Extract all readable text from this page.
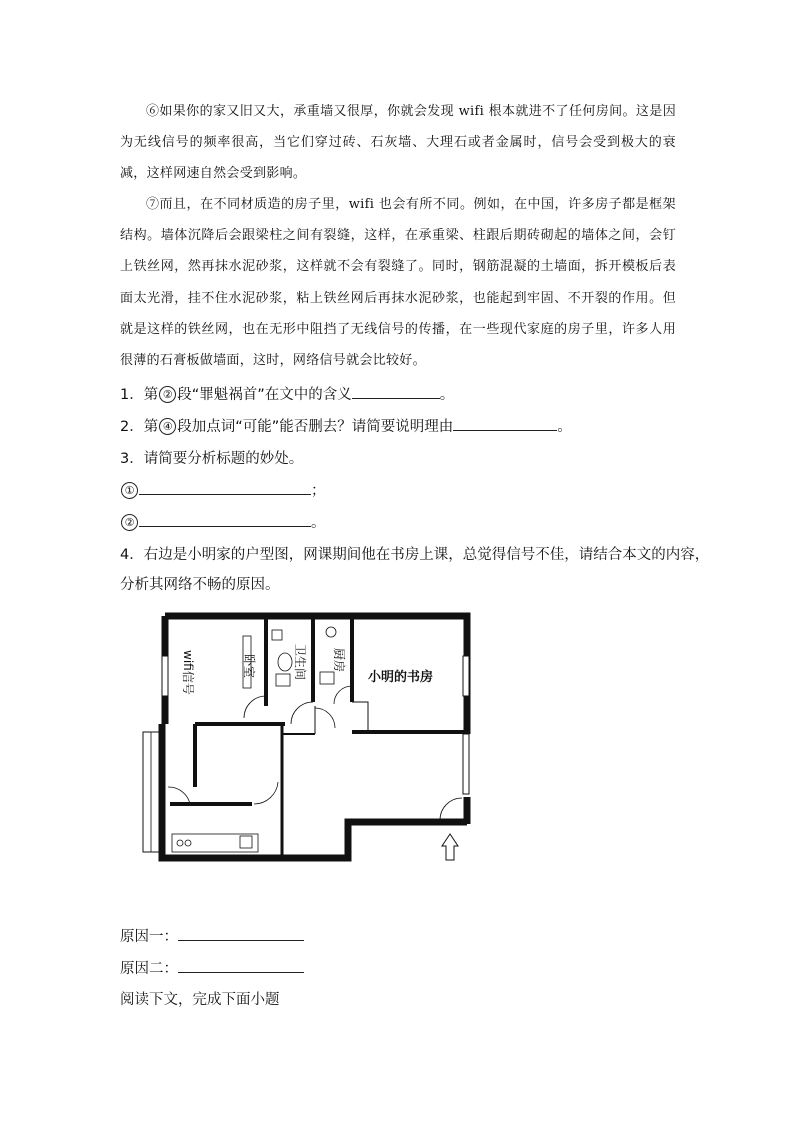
⑥如果你的家又旧又大，承重墙又很厚，你就会发现 wifi 根本就进不了任何房间。这是因为无线信号的频率很高，当它们穿过砖、石灰墙、大理石或者金属时，信号会受到极大的衰减，这样网速自然会受到影响。
⑦而且，在不同材质造的房子里，wifi 也会有所不同。例如，在中国，许多房子都是框架结构。墙体沉降后会跟梁柱之间有裂缝，这样，在承重梁、柱跟后期砖砌起的墙体之间，会钉上铁丝网，然再抹水泥砂浆，这样就不会有裂缝了。同时，钢筋混凝的土墙面，拆开模板后表面太光滑，挂不住水泥砂浆，粘上铁丝网后再抹水泥砂浆，也能起到牢固、不开裂的作用。但就是这样的铁丝网，也在无形中阻挡了无线信号的传播，在一些现代家庭的房子里，许多人用很薄的石膏板做墙面，这时，网络信号就会比较好。
1．第 ② 段“罪魁祸首”在文中的含义	。
2．第 ④ 段加点词“可能”能否删去？请简要说明理由	。
3．请简要分析标题的妙处。
①	；
②	。
4．右边是小明家的户型图，网课期间他在书房上课，总觉得信号不佳，请结合本文的内容，
分析其网络不畅的原因。
wifi信号	卧室	卫生间 厨房
小明的书房
原因一：
原因二：
阅读下文，完成下面小题
